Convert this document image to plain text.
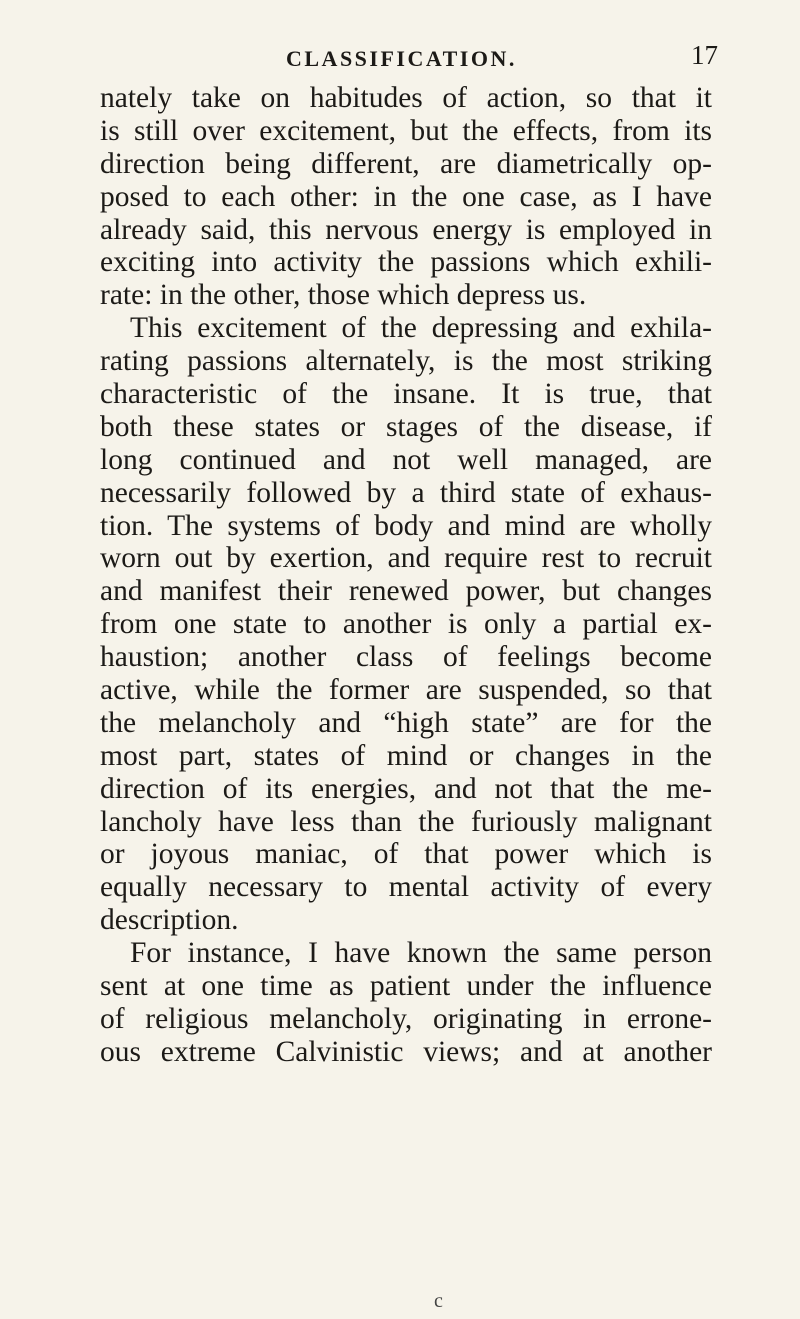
CLASSIFICATION.	17
nately take on habitudes of action, so that it
is still over excitement, but the effects, from its
direction being different, are diametrically op-
posed to each other: in the one case, as I have
already said, this nervous energy is employed in
exciting into activity the passions which exhili-
rate: in the other, those which depress us.
This excitement of the depressing and exhila-
rating passions alternately, is the most striking
characteristic of the insane. It is true, that
both these states or stages of the disease, if
long continued and not well managed, are
necessarily followed by a third state of exhaus-
tion. The systems of body and mind are wholly
worn out by exertion, and require rest to recruit
and manifest their renewed power, but changes
from one state to another is only a partial ex-
haustion; another class of feelings become
active, while the former are suspended, so that
the melancholy and “high state” are for the
most part, states of mind or changes in the
direction of its energies, and not that the me-
lancholy have less than the furiously malignant
or joyous maniac, of that power which is
equally necessary to mental activity of every
description.
For instance, I have known the same person
sent at one time as patient under the influence
of religious melancholy, originating in errone-
ous extreme Calvinistic views; and at another
c
